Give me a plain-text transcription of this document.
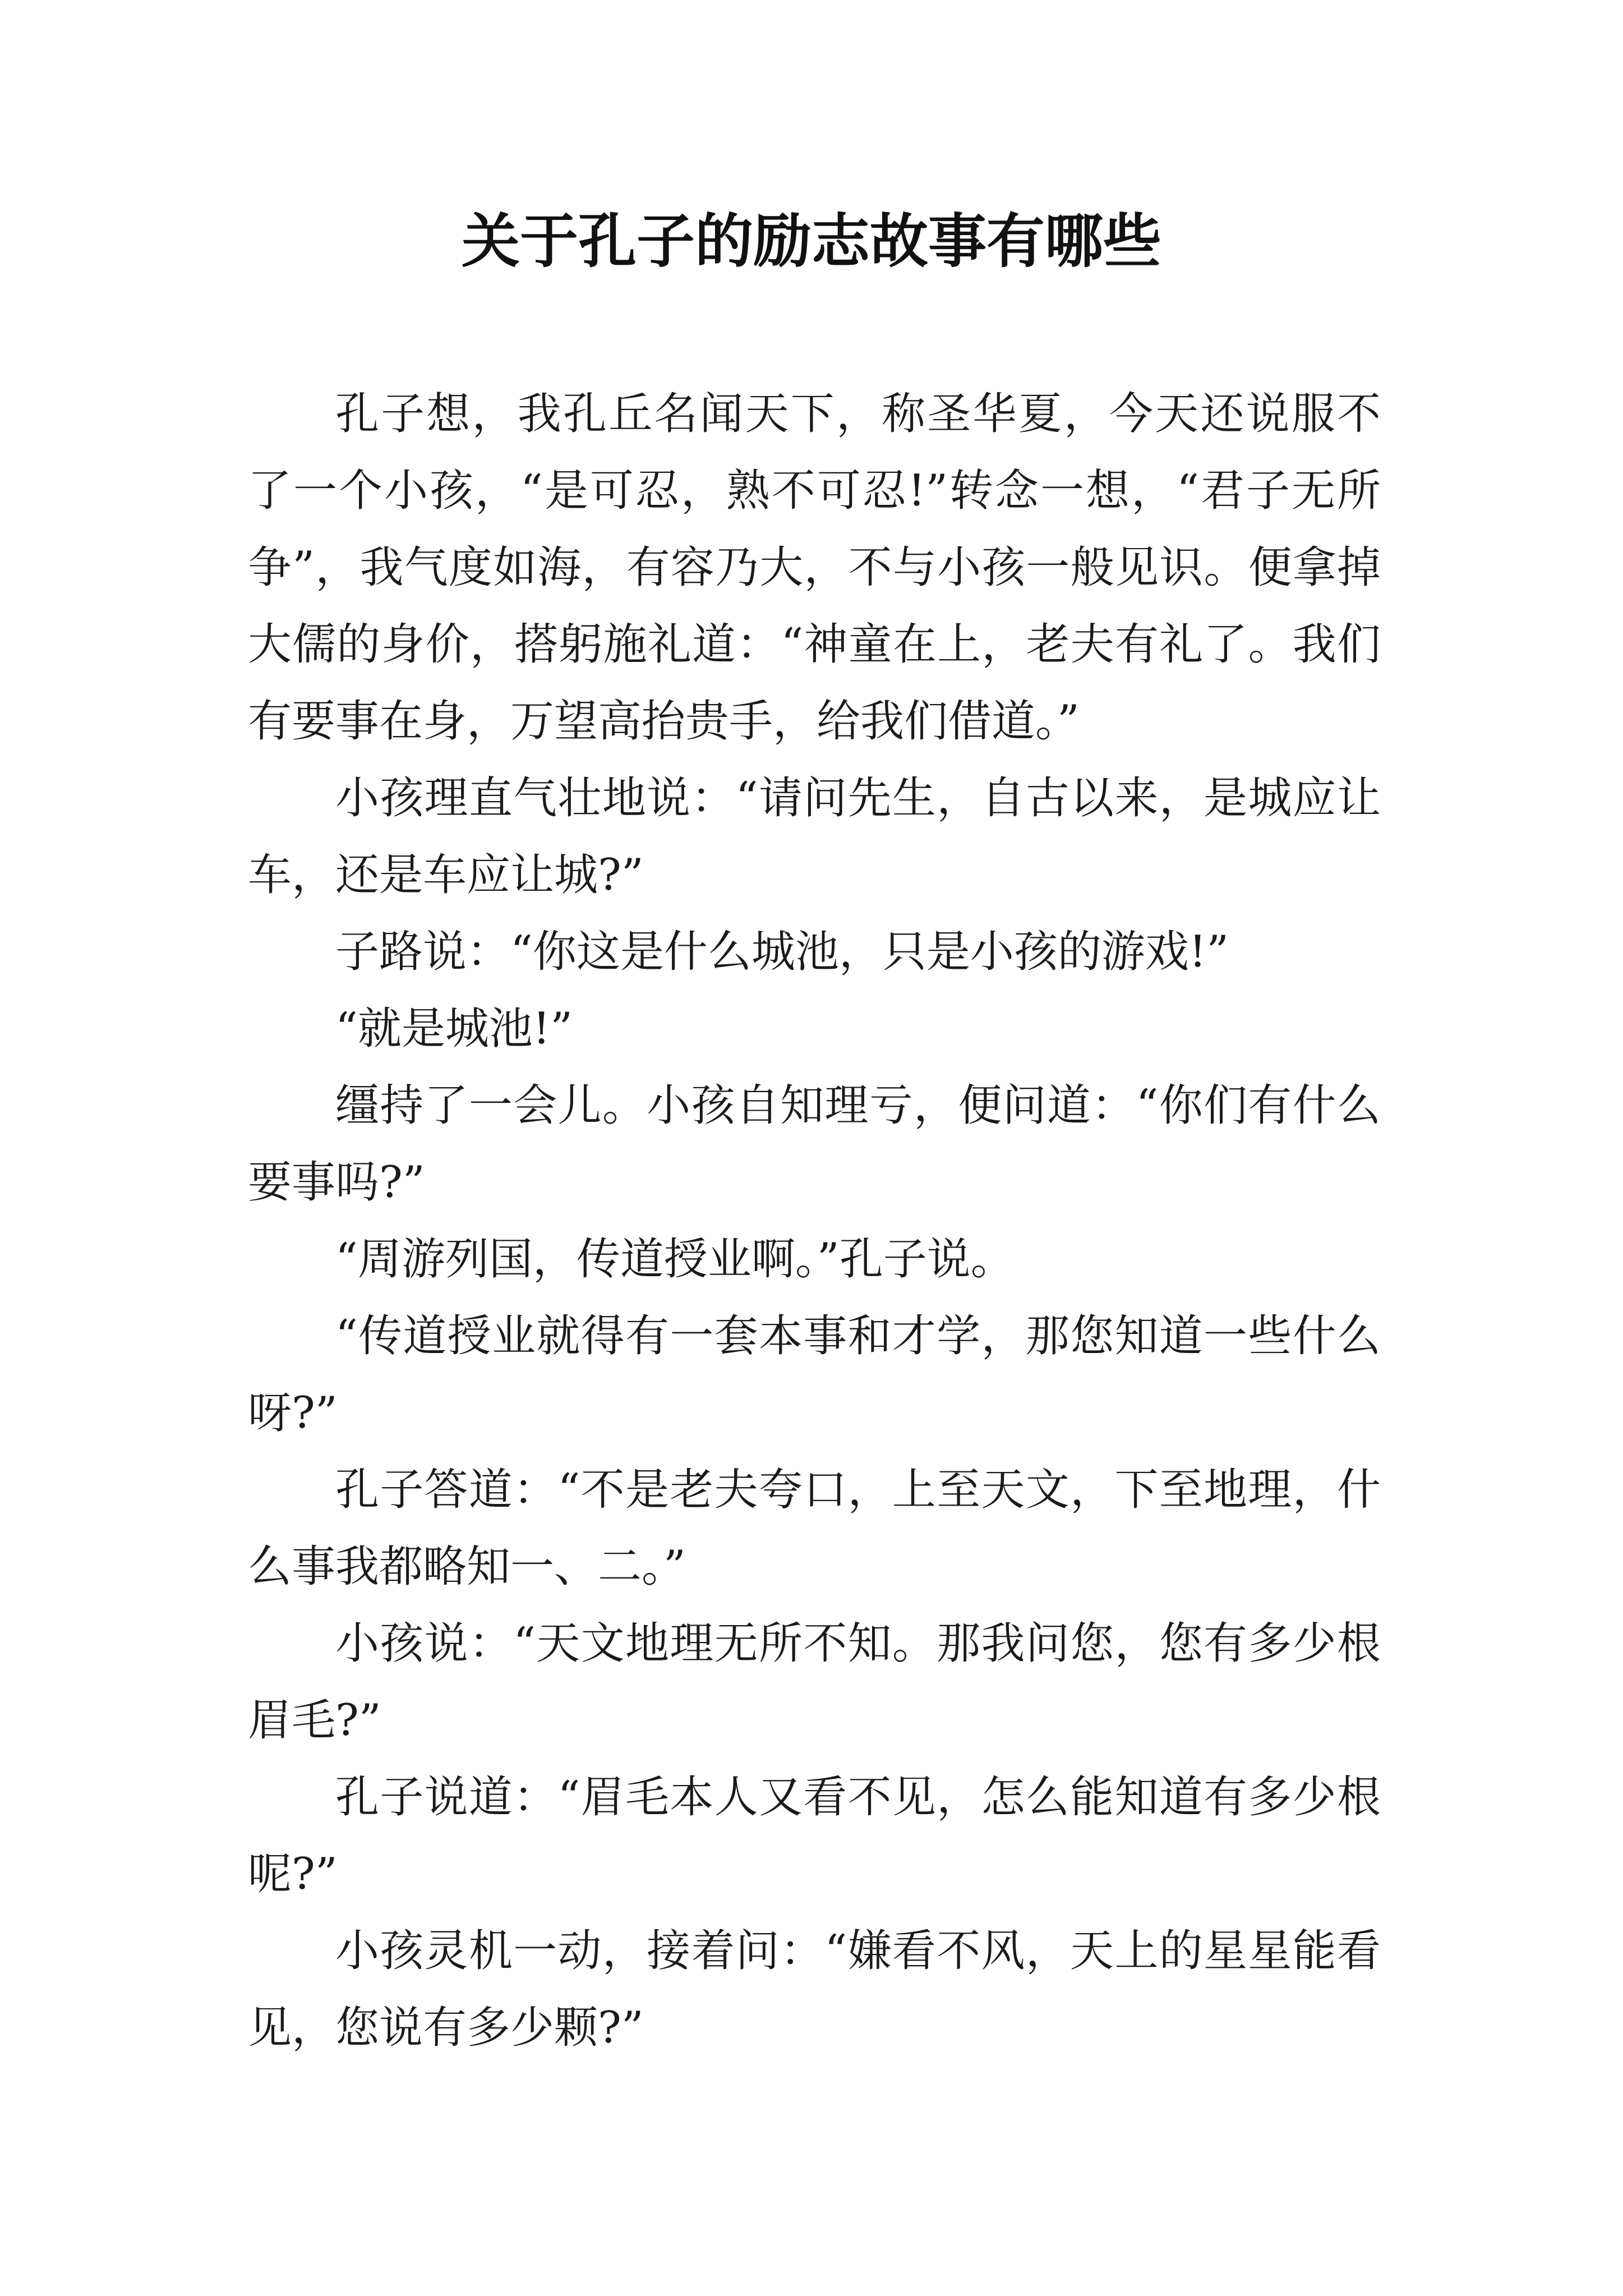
关于孔子的励志故事有哪些

孔子想，我孔丘名闻天下，称圣华夏，今天还说服不了一个小孩，“是可忍，熟不可忍!”转念一想，“君子无所争”，我气度如海，有容乃大，不与小孩一般见识。便拿掉大儒的身价，搭躬施礼道：“神童在上，老夫有礼了。我们有要事在身，万望高抬贵手，给我们借道。”

小孩理直气壮地说：“请问先生，自古以来，是城应让车，还是车应让城?”

子路说：“你这是什么城池，只是小孩的游戏!”

“就是城池!”

缰持了一会儿。小孩自知理亏，便问道：“你们有什么要事吗?”

“周游列国，传道授业啊。”孔子说。

“传道授业就得有一套本事和才学，那您知道一些什么呀?”

孔子答道：“不是老夫夸口，上至天文，下至地理，什么事我都略知一、二。”

小孩说：“天文地理无所不知。那我问您，您有多少根眉毛?”

孔子说道：“眉毛本人又看不见，怎么能知道有多少根呢?”

小孩灵机一动，接着问：“嫌看不风，天上的星星能看见，您说有多少颗?”
